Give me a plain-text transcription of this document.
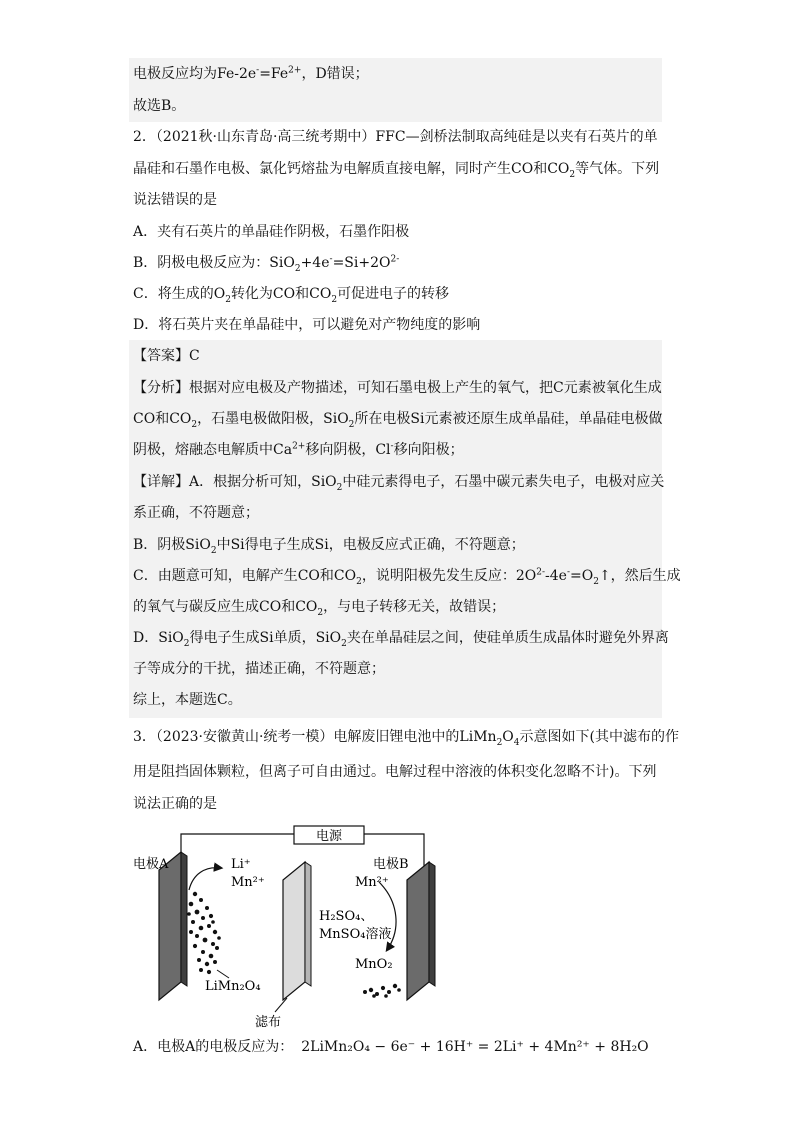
电极反应均为$Fe-2e^-=Fe^{2+}$，D错误；
故选B。
2．（2021秋·山东青岛·高三统考期中）FFC—剑桥法制取高纯硅是以夹有石英片的单
晶硅和石墨作电极、氯化钙熔盐为电解质直接电解，同时产生CO和$CO_2$等气体。下列
说法错误的是
A．夹有石英片的单晶硅作阴极，石墨作阳极
B．阴极电极反应为：$SiO_2+4e^-=Si+2O^{2-}$
C．将生成的$O_2$转化为CO和$CO_2$可促进电子的转移
D．将石英片夹在单晶硅中，可以避免对产物纯度的影响
【答案】C
【分析】根据对应电极及产物描述，可知石墨电极上产生的氧气，把C元素被氧化生成
CO和$CO_2$，石墨电极做阳极，SiO$_2$所在电极Si元素被还原生成单晶硅，单晶硅电极做
阴极，熔融态电解质中$Ca^{2+}$移向阴极，Cl-移向阳极；
【详解】A．根据分析可知，SiO$_2$中硅元素得电子，石墨中碳元素失电子，电极对应关
系正确，不符题意；
B．阴极SiO$_2$中Si得电子生成Si，电极反应式正确，不符题意；
C．由题意可知，电解产生CO和$CO_2$，说明阳极先发生反应：$2O^{2-}-4e^-=O_2↑$，然后生成
的氧气与碳反应生成CO和$CO_2$，与电子转移无关，故错误；
D．SiO$_2$得电子生成Si单质，SiO$_2$夹在单晶硅层之间，使硅单质生成晶体时避免外界离
子等成分的干扰，描述正确，不符题意；
综上，本题选C。
3．（2023·安徽黄山·统考一模）电解废旧锂电池中的$LiMn_2O_4$示意图如下(其中滤布的作
用是阻挡固体颗粒，但离子可自由通过。电解过程中溶液的体积变化忽略不计)。下列
说法正确的是
电源
电极A	电极B
Li⁺
Mn²⁺	Mn²⁺
H₂SO₄、
MnSO₄溶液
MnO₂
LiMn₂O₄
滤布
A．电极A的电极反应为： 2LiMn₂O₄ − 6e⁻ + 16H⁺ = 2Li⁺ + 4Mn²⁺ + 8H₂O
